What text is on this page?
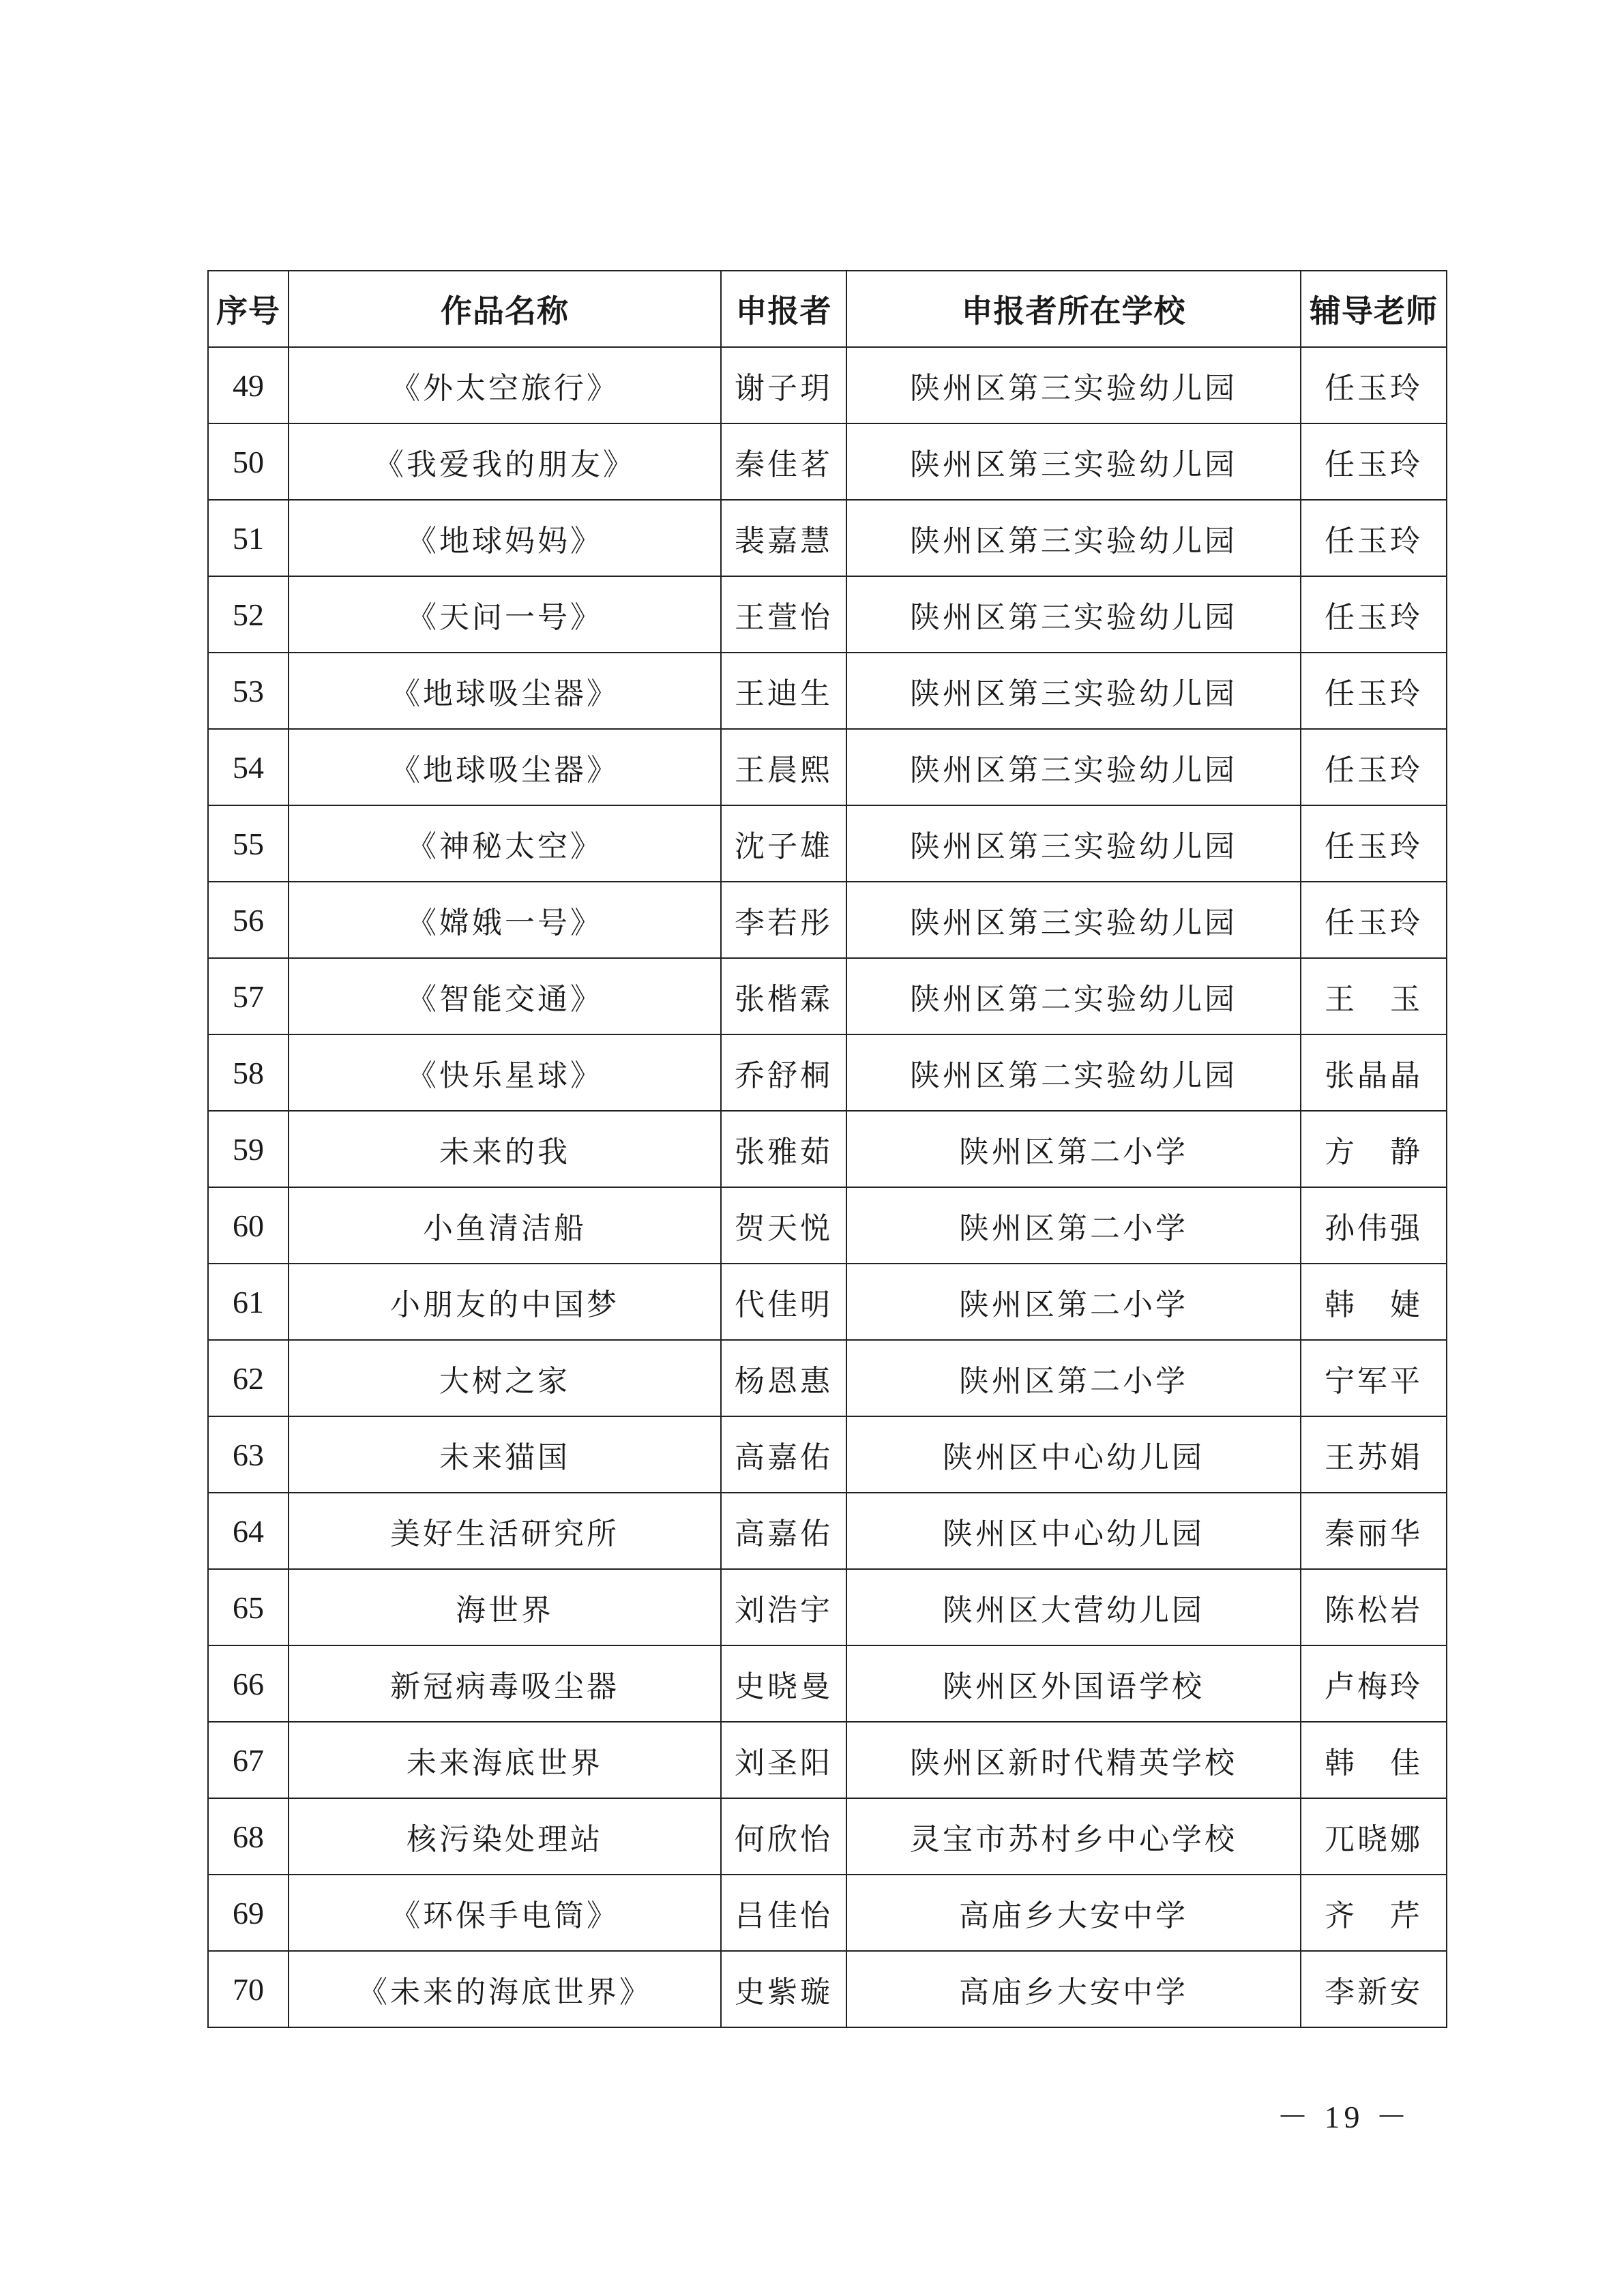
序号	作品名称	申报者	申报者所在学校	辅导老师
49	《外太空旅行》	谢子玥	陕州区第三实验幼儿园	任玉玲
50	《我爱我的朋友》	秦佳茗	陕州区第三实验幼儿园	任玉玲
51	《地球妈妈》	裴嘉慧	陕州区第三实验幼儿园	任玉玲
52	《天问一号》	王萱怡	陕州区第三实验幼儿园	任玉玲
53	《地球吸尘器》	王迪生	陕州区第三实验幼儿园	任玉玲
54	《地球吸尘器》	王晨熙	陕州区第三实验幼儿园	任玉玲
55	《神秘太空》	沈子雄	陕州区第三实验幼儿园	任玉玲
56	《嫦娥一号》	李若彤	陕州区第三实验幼儿园	任玉玲
57	《智能交通》	张楷霖	陕州区第二实验幼儿园	王　玉
58	《快乐星球》	乔舒桐	陕州区第二实验幼儿园	张晶晶
59	未来的我	张雅茹	陕州区第二小学	方　静
60	小鱼清洁船	贺天悦	陕州区第二小学	孙伟强
61	小朋友的中国梦	代佳明	陕州区第二小学	韩　婕
62	大树之家	杨恩惠	陕州区第二小学	宁军平
63	未来猫国	高嘉佑	陕州区中心幼儿园	王苏娟
64	美好生活研究所	高嘉佑	陕州区中心幼儿园	秦丽华
65	海世界	刘浩宇	陕州区大营幼儿园	陈松岩
66	新冠病毒吸尘器	史晓曼	陕州区外国语学校	卢梅玲
67	未来海底世界	刘圣阳	陕州区新时代精英学校	韩　佳
68	核污染处理站	何欣怡	灵宝市苏村乡中心学校	兀晓娜
69	《环保手电筒》	吕佳怡	高庙乡大安中学	齐　芹
70	《未来的海底世界》	史紫璇	高庙乡大安中学	李新安
－ 19 －
